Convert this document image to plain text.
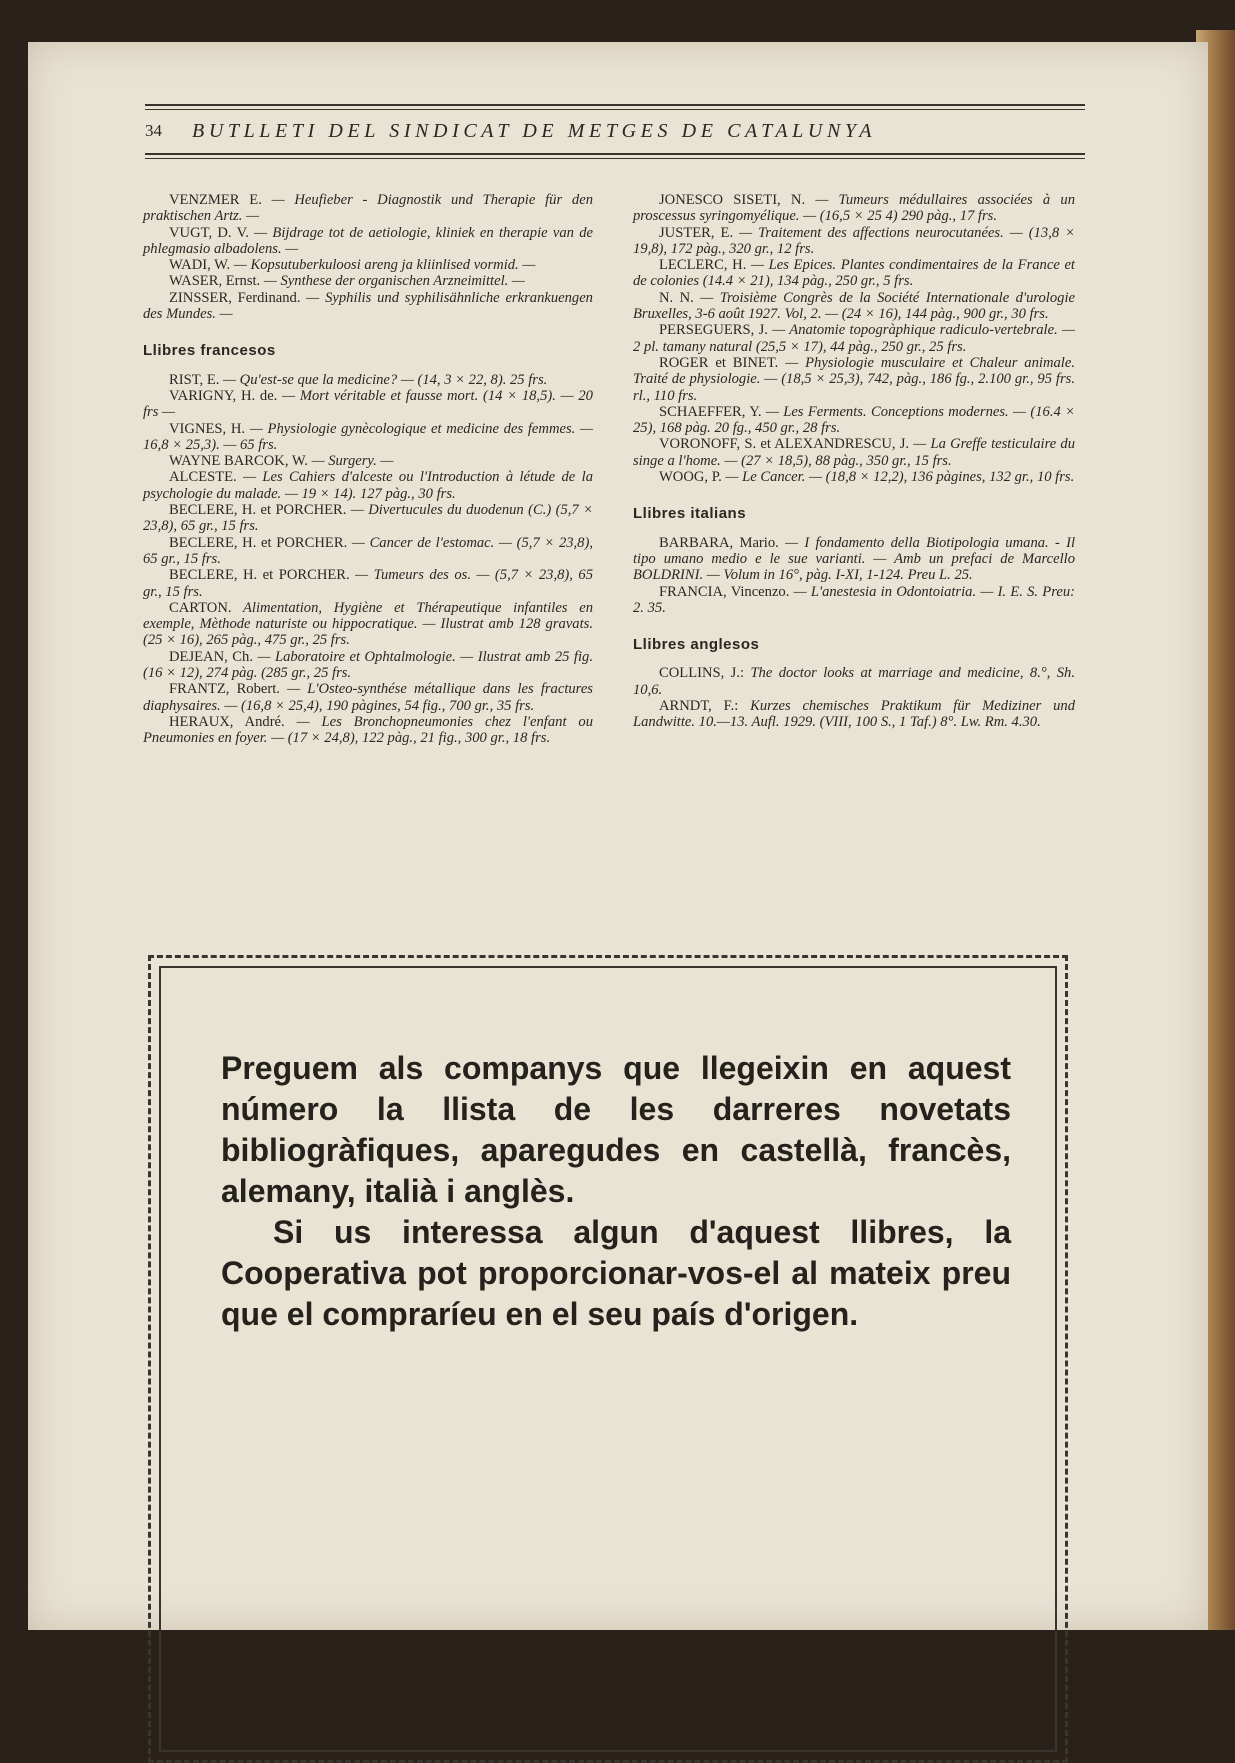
34 BUTLLETI DEL SINDICAT DE METGES DE CATALUNYA

VENZMER E. — Heufieber - Diagnostik und Therapie für den praktischen Artz. —

VUGT, D. V. — Bijdrage tot de aetiologie, kliniek en therapie van de phlegmasio albadolens. —

WADI, W. — Kopsutuberkuloosi areng ja kliinlised vormid. —

WASER, Ernst. — Synthese der organischen Arzneimittel. —

ZINSSER, Ferdinand. — Syphilis und syphilisähnliche erkrankuengen des Mundes. —

Llibres francesos

RIST, E. — Qu'est-se que la medicine? — (14, 3 × 22, 8). 25 frs.

VARIGNY, H. de. — Mort véritable et fausse mort. (14 × 18,5). — 20 frs —

VIGNES, H. — Physiologie gynècologique et medicine des femmes. — 16,8 × 25,3). — 65 frs.

WAYNE BARCOK, W. — Surgery. —

ALCESTE. — Les Cahiers d'alceste ou l'Introduction à létude de la psychologie du malade. — 19 × 14). 127 pàg., 30 frs.

BECLERE, H. et PORCHER. — Divertucules du duodenun (C.) (5,7 × 23,8), 65 gr., 15 frs.

BECLERE, H. et PORCHER. — Cancer de l'estomac. — (5,7 × 23,8), 65 gr., 15 frs.

BECLERE, H. et PORCHER. — Tumeurs des os. — (5,7 × 23,8), 65 gr., 15 frs.

CARTON. Alimentation, Hygiène et Thérapeutique infantiles en exemple, Mèthode naturiste ou hippocratique. — Ilustrat amb 128 gravats. (25 × 16), 265 pàg., 475 gr., 25 frs.

DEJEAN, Ch. — Laboratoire et Ophtalmologie. — Ilustrat amb 25 fig. (16 × 12), 274 pàg. (285 gr., 25 frs.

FRANTZ, Robert. — L'Osteo-synthése métallique dans les fractures diaphysaires. — (16,8 × 25,4), 190 pàgines, 54 fig., 700 gr., 35 frs.

HERAUX, André. — Les Bronchopneumonies chez l'enfant ou Pneumonies en foyer. — (17 × 24,8), 122 pàg., 21 fig., 300 gr., 18 frs.

JONESCO SISETI, N. — Tumeurs médullaires associées à un proscessus syringomyélique. — (16,5 × 25 4) 290 pàg., 17 frs.

JUSTER, E. — Traitement des affections neurocutanées. — (13,8 × 19,8), 172 pàg., 320 gr., 12 frs.

LECLERC, H. — Les Epices. Plantes condimentaires de la France et de colonies (14.4 × 21), 134 pàg., 250 gr., 5 frs.

N. N. — Troisième Congrès de la Société Internationale d'urologie Bruxelles, 3-6 août 1927. Vol, 2. — (24 × 16), 144 pàg., 900 gr., 30 frs.

PERSEGUERS, J. — Anatomie topogràphique radiculo-vertebrale. — 2 pl. tamany natural (25,5 × 17), 44 pàg., 250 gr., 25 frs.

ROGER et BINET. — Physiologie musculaire et Chaleur animale. Traité de physiologie. — (18,5 × 25,3), 742, pàg., 186 fg., 2.100 gr., 95 frs. rl., 110 frs.

SCHAEFFER, Y. — Les Ferments. Conceptions modernes. — (16.4 × 25), 168 pàg. 20 fg., 450 gr., 28 frs.

VORONOFF, S. et ALEXANDRESCU, J. — La Greffe testiculaire du singe a l'home. — (27 × 18,5), 88 pàg., 350 gr., 15 frs.

WOOG, P. — Le Cancer. — (18,8 × 12,2), 136 pàgines, 132 gr., 10 frs.

Llibres italians

BARBARA, Mario. — I fondamento della Biotipologia umana. - Il tipo umano medio e le sue varianti. — Amb un prefaci de Marcello BOLDRINI. — Volum in 16°, pàg. I-XI, 1-124. Preu L. 25.

FRANCIA, Vincenzo. — L'anestesia in Odontoiatria. — I. E. S. Preu: 2. 35.

Llibres anglesos

COLLINS, J.: The doctor looks at marriage and medicine, 8.°, Sh. 10,6.

ARNDT, F.: Kurzes chemisches Praktikum für Mediziner und Landwitte. 10.—13. Aufl. 1929. (VIII, 100 S., 1 Taf.) 8°. Lw. Rm. 4.30.

Preguem als companys que llegeixin en aquest número la llista de les darreres novetats bibliogràfiques, aparegudes en castellà, francès, alemany, italià i anglès.

Si us interessa algun d'aquest llibres, la Cooperativa pot proporcionar-vos-el al mateix preu que el compraríeu en el seu país d'origen.
